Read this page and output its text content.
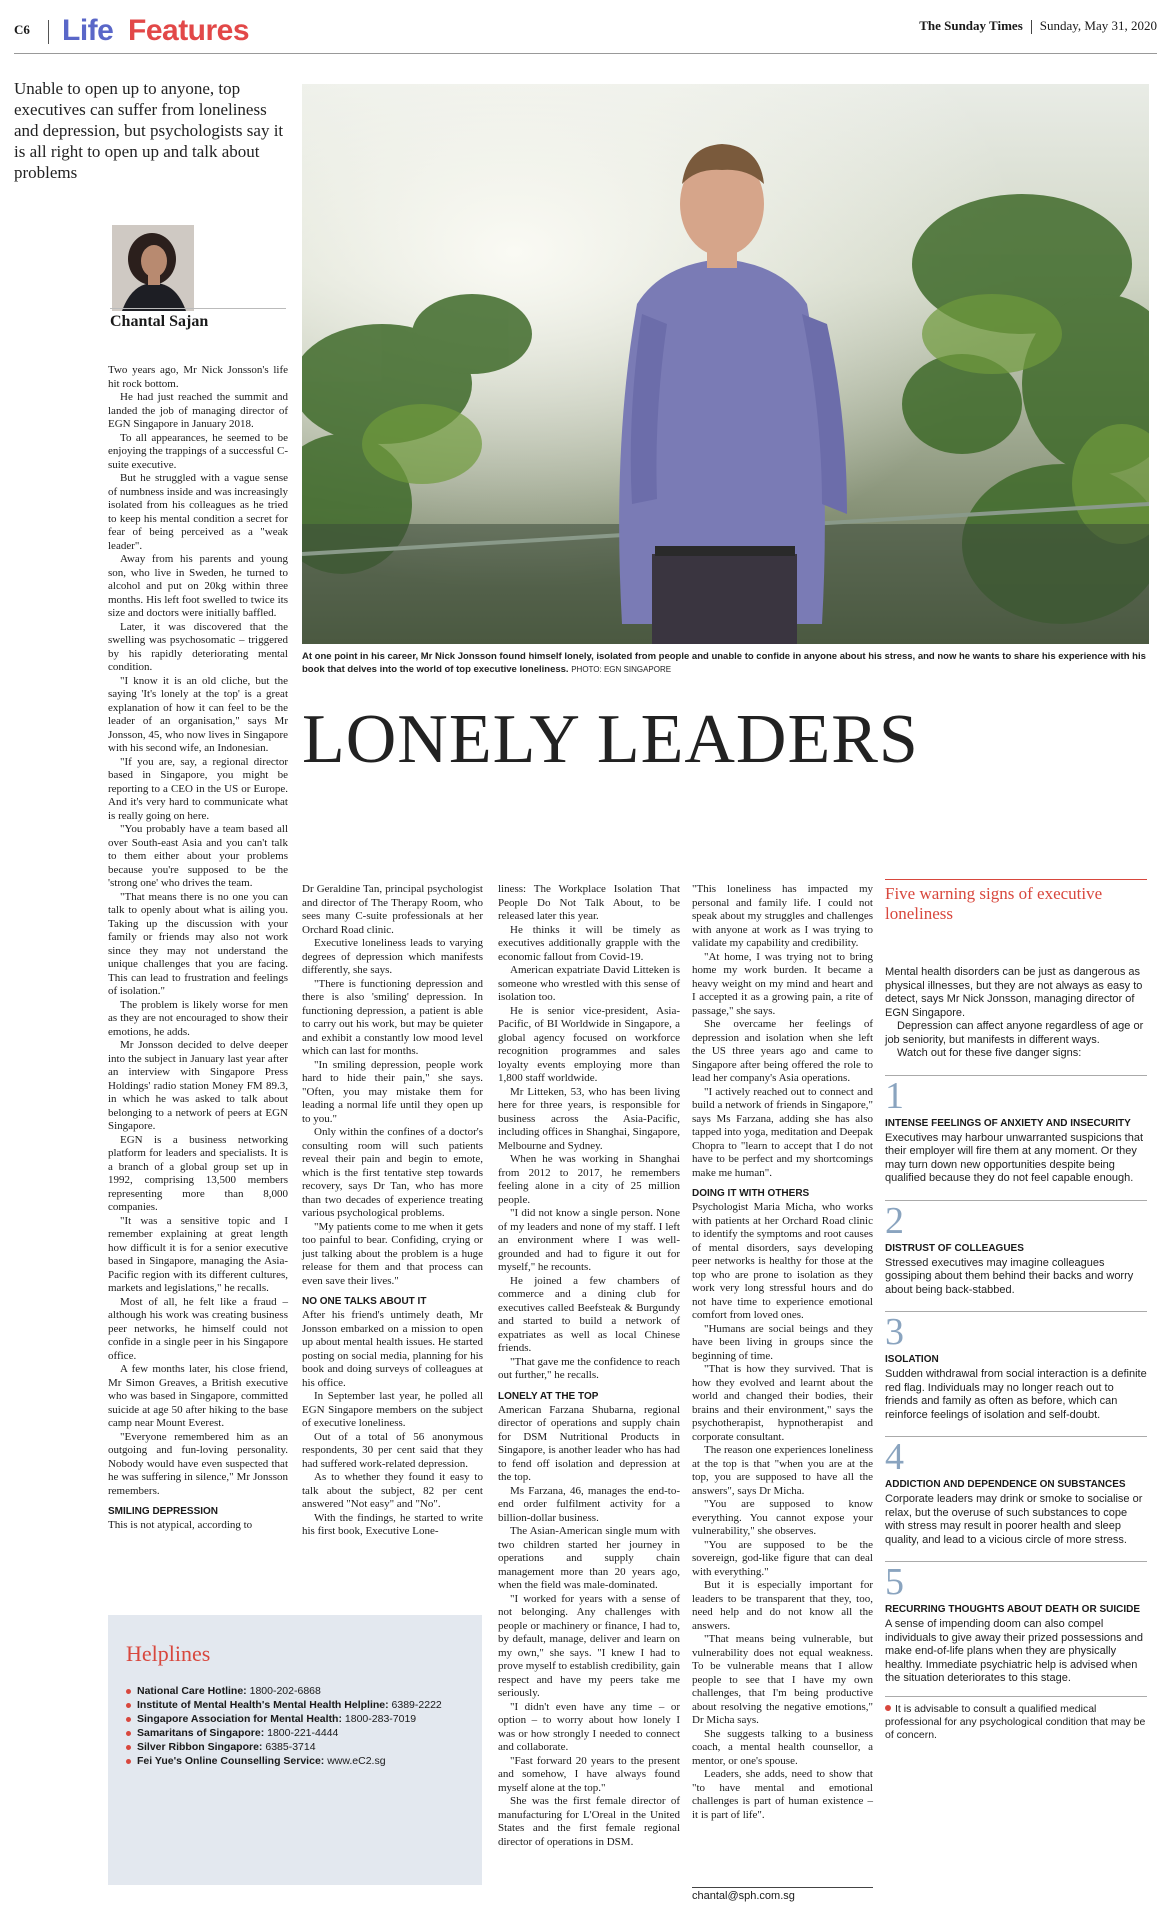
C6 Life Features	The Sunday Times Sunday, May 31, 2020
Unable to open up to anyone, top executives can suffer from loneliness and depression, but psychologists say it is all right to open up and talk about problems
Chantal Sajan
At one point in his career, Mr Nick Jonsson found himself lonely, isolated from people and unable to confide in anyone about his stress, and now he wants to share his experience with his book that delves into the world of top executive loneliness. PHOTO: EGN SINGAPORE
LONELY LEADERS

Two years ago, Mr Nick Jonsson's life hit rock bottom.

He had just reached the summit and landed the job of managing director of EGN Singapore in January 2018.

To all appearances, he seemed to be enjoying the trappings of a successful C-suite executive.

But he struggled with a vague sense of numbness inside and was increasingly isolated from his colleagues as he tried to keep his mental condition a secret for fear of being perceived as a "weak leader".

Away from his parents and young son, who live in Sweden, he turned to alcohol and put on 20kg within three months. His left foot swelled to twice its size and doctors were initially baffled.

Later, it was discovered that the swelling was psychosomatic – triggered by his rapidly deteriorating mental condition.

"I know it is an old cliche, but the saying 'It's lonely at the top' is a great explanation of how it can feel to be the leader of an organisation," says Mr Jonsson, 45, who now lives in Singapore with his second wife, an Indonesian.

"If you are, say, a regional director based in Singapore, you might be reporting to a CEO in the US or Europe. And it's very hard to communicate what is really going on here.

"You probably have a team based all over South-east Asia and you can't talk to them either about your problems because you're supposed to be the 'strong one' who drives the team.

"That means there is no one you can talk to openly about what is ailing you. Taking up the discussion with your family or friends may also not work since they may not understand the unique challenges that you are facing. This can lead to frustration and feelings of isolation."

The problem is likely worse for men as they are not encouraged to show their emotions, he adds.

Mr Jonsson decided to delve deeper into the subject in January last year after an interview with Singapore Press Holdings' radio station Money FM 89.3, in which he was asked to talk about belonging to a network of peers at EGN Singapore.

EGN is a business networking platform for leaders and specialists. It is a branch of a global group set up in 1992, comprising 13,500 members representing more than 8,000 companies.

"It was a sensitive topic and I remember explaining at great length how difficult it is for a senior executive based in Singapore, managing the Asia-Pacific region with its different cultures, markets and legislations," he recalls.

Most of all, he felt like a fraud – although his work was creating business peer networks, he himself could not confide in a single peer in his Singapore office.

A few months later, his close friend, Mr Simon Greaves, a British executive who was based in Singapore, committed suicide at age 50 after hiking to the base camp near Mount Everest.

"Everyone remembered him as an outgoing and fun-loving personality. Nobody would have even suspected that he was suffering in silence," Mr Jonsson remembers.

SMILING DEPRESSION

This is not atypical, according to

Dr Geraldine Tan, principal psychologist and director of The Therapy Room, who sees many C-suite professionals at her Orchard Road clinic.

Executive loneliness leads to varying degrees of depression which manifests differently, she says.

"There is functioning depression and there is also 'smiling' depression. In functioning depression, a patient is able to carry out his work, but may be quieter and exhibit a constantly low mood level which can last for months.

"In smiling depression, people work hard to hide their pain," she says. "Often, you may mistake them for leading a normal life until they open up to you."

Only within the confines of a doctor's consulting room will such patients reveal their pain and begin to emote, which is the first tentative step towards recovery, says Dr Tan, who has more than two decades of experience treating various psychological problems.

"My patients come to me when it gets too painful to bear. Confiding, crying or just talking about the problem is a huge release for them and that process can even save their lives."

NO ONE TALKS ABOUT IT

After his friend's untimely death, Mr Jonsson embarked on a mission to open up about mental health issues. He started posting on social media, planning for his book and doing surveys of colleagues at his office.

In September last year, he polled all EGN Singapore members on the subject of executive loneliness.

Out of a total of 56 anonymous respondents, 30 per cent said that they had suffered work-related depression.

As to whether they found it easy to talk about the subject, 82 per cent answered "Not easy" and "No".

With the findings, he started to write his first book, Executive Lone-

liness: The Workplace Isolation That People Do Not Talk About, to be released later this year.

He thinks it will be timely as executives additionally grapple with the economic fallout from Covid-19.

American expatriate David Litteken is someone who wrestled with this sense of isolation too.

He is senior vice-president, Asia-Pacific, of BI Worldwide in Singapore, a global agency focused on workforce recognition programmes and sales loyalty events employing more than 1,800 staff worldwide.

Mr Litteken, 53, who has been living here for three years, is responsible for business across the Asia-Pacific, including offices in Shanghai, Singapore, Melbourne and Sydney.

When he was working in Shanghai from 2012 to 2017, he remembers feeling alone in a city of 25 million people.

"I did not know a single person. None of my leaders and none of my staff. I left an environment where I was well-grounded and had to figure it out for myself," he recounts.

He joined a few chambers of commerce and a dining club for executives called Beefsteak & Burgundy and started to build a network of expatriates as well as local Chinese friends.

"That gave me the confidence to reach out further," he recalls.

LONELY AT THE TOP

American Farzana Shubarna, regional director of operations and supply chain for DSM Nutritional Products in Singapore, is another leader who has had to fend off isolation and depression at the top.

Ms Farzana, 46, manages the end-to-end order fulfilment activity for a billion-dollar business.

The Asian-American single mum with two children started her journey in operations and supply chain management more than 20 years ago, when the field was male-dominated.

"I worked for years with a sense of not belonging. Any challenges with people or machinery or finance, I had to, by default, manage, deliver and learn on my own," she says. "I knew I had to prove myself to establish credibility, gain respect and have my peers take me seriously.

"I didn't even have any time – or option – to worry about how lonely I was or how strongly I needed to connect and collaborate.

"Fast forward 20 years to the present and somehow, I have always found myself alone at the top."

She was the first female director of manufacturing for L'Oreal in the United States and the first female regional director of operations in DSM.

"This loneliness has impacted my personal and family life. I could not speak about my struggles and challenges with anyone at work as I was trying to validate my capability and credibility.

"At home, I was trying not to bring home my work burden. It became a heavy weight on my mind and heart and I accepted it as a growing pain, a rite of passage," she says.

She overcame her feelings of depression and isolation when she left the US three years ago and came to Singapore after being offered the role to lead her company's Asia operations.

"I actively reached out to connect and build a network of friends in Singapore," says Ms Farzana, adding she has also tapped into yoga, meditation and Deepak Chopra to "learn to accept that I do not have to be perfect and my shortcomings make me human".

DOING IT WITH OTHERS

Psychologist Maria Micha, who works with patients at her Orchard Road clinic to identify the symptoms and root causes of mental disorders, says developing peer networks is healthy for those at the top who are prone to isolation as they work very long stressful hours and do not have time to experience emotional comfort from loved ones.

"Humans are social beings and they have been living in groups since the beginning of time.

"That is how they survived. That is how they evolved and learnt about the world and changed their bodies, their brains and their environment," says the psychotherapist, hypnotherapist and corporate consultant.

The reason one experiences loneliness at the top is that "when you are at the top, you are supposed to have all the answers", says Dr Micha.

"You are supposed to know everything. You cannot expose your vulnerability," she observes.

"You are supposed to be the sovereign, god-like figure that can deal with everything."

But it is especially important for leaders to be transparent that they, too, need help and do not know all the answers.

"That means being vulnerable, but vulnerability does not equal weakness. To be vulnerable means that I allow people to see that I have my own challenges, that I'm being productive about resolving the negative emotions," Dr Micha says.

She suggests talking to a business coach, a mental health counsellor, a mentor, or one's spouse.

Leaders, she adds, need to show that "to have mental and emotional challenges is part of human existence – it is part of life".

chantal@sph.com.sg
Five warning signs of executive loneliness

Mental health disorders can be just as dangerous as physical illnesses, but they are not always as easy to detect, says Mr Nick Jonsson, managing director of EGN Singapore.

Depression can affect anyone regardless of age or job seniority, but manifests in different ways.

Watch out for these five danger signs:

1
INTENSE FEELINGS OF ANXIETY AND INSECURITY
Executives may harbour unwarranted suspicions that their employer will fire them at any moment. Or they may turn down new opportunities despite being qualified because they do not feel capable enough.
2
DISTRUST OF COLLEAGUES
Stressed executives may imagine colleagues gossiping about them behind their backs and worry about being back-stabbed.
3
ISOLATION
Sudden withdrawal from social interaction is a definite red flag. Individuals may no longer reach out to friends and family as often as before, which can reinforce feelings of isolation and self-doubt.
4
ADDICTION AND DEPENDENCE ON SUBSTANCES
Corporate leaders may drink or smoke to socialise or relax, but the overuse of such substances to cope with stress may result in poorer health and sleep quality, and lead to a vicious circle of more stress.
5
RECURRING THOUGHTS ABOUT DEATH OR SUICIDE
A sense of impending doom can also compel individuals to give away their prized possessions and make end-of-life plans when they are physically healthy. Immediate psychiatric help is advised when the situation deteriorates to this stage.
It is advisable to consult a qualified medical professional for any psychological condition that may be of concern.
Helplines
National Care Hotline: 1800-202-6868
Institute of Mental Health's Mental Health Helpline: 6389-2222
Singapore Association for Mental Health: 1800-283-7019
Samaritans of Singapore: 1800-221-4444
Silver Ribbon Singapore: 6385-3714
Fei Yue's Online Counselling Service: www.eC2.sg
